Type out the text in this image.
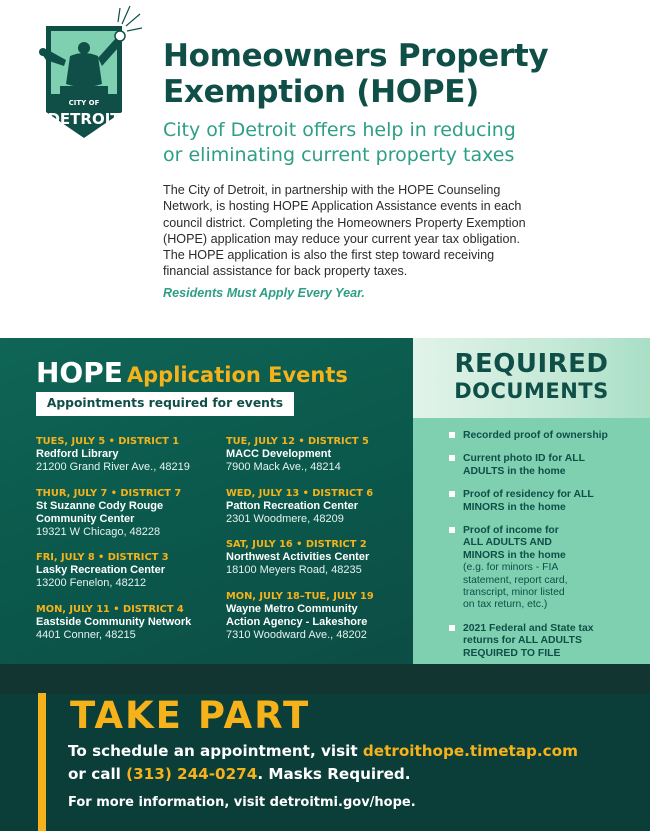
CITY OF
DETROIT
Homeowners Property
Exemption (HOPE)
City of Detroit offers help in reducing
or eliminating current property taxes
The City of Detroit, in partnership with the HOPE Counseling
Network, is hosting HOPE Application Assistance events in each
council district. Completing the Homeowners Property Exemption
(HOPE) application may reduce your current year tax obligation.
The HOPE application is also the first step toward receiving
financial assistance for back property taxes.
Residents Must Apply Every Year.
HOPE Application Events
Appointments required for events
TUES, JULY 5 • DISTRICT 1
Redford Library
21200 Grand River Ave., 48219
THUR, JULY 7 • DISTRICT 7
St Suzanne Cody Rouge
Community Center
19321 W Chicago, 48228
FRI, JULY 8 • DISTRICT 3
Lasky Recreation Center
13200 Fenelon, 48212
MON, JULY 11 • DISTRICT 4
Eastside Community Network
4401 Conner, 48215
TUE, JULY 12 • DISTRICT 5
MACC Development
7900 Mack Ave., 48214
WED, JULY 13 • DISTRICT 6
Patton Recreation Center
2301 Woodmere, 48209
SAT, JULY 16 • DISTRICT 2
Northwest Activities Center
18100 Meyers Road, 48235
MON, JULY 18–TUE, JULY 19
Wayne Metro Community
Action Agency - Lakeshore
7310 Woodward Ave., 48202
REQUIRED
DOCUMENTS
Recorded proof of ownership
Current photo ID for ALL
ADULTS in the home
Proof of residency for ALL
MINORS in the home
Proof of income for
ALL ADULTS AND
MINORS in the home
(e.g. for minors - FIA
statement, report card,
transcript, minor listed
on tax return, etc.)
2021 Federal and State tax
returns for ALL ADULTS
REQUIRED TO FILE
TAKE PART
To schedule an appointment, visit detroithope.timetap.com
or call (313) 244-0274. Masks Required.
For more information, visit detroitmi.gov/hope.
